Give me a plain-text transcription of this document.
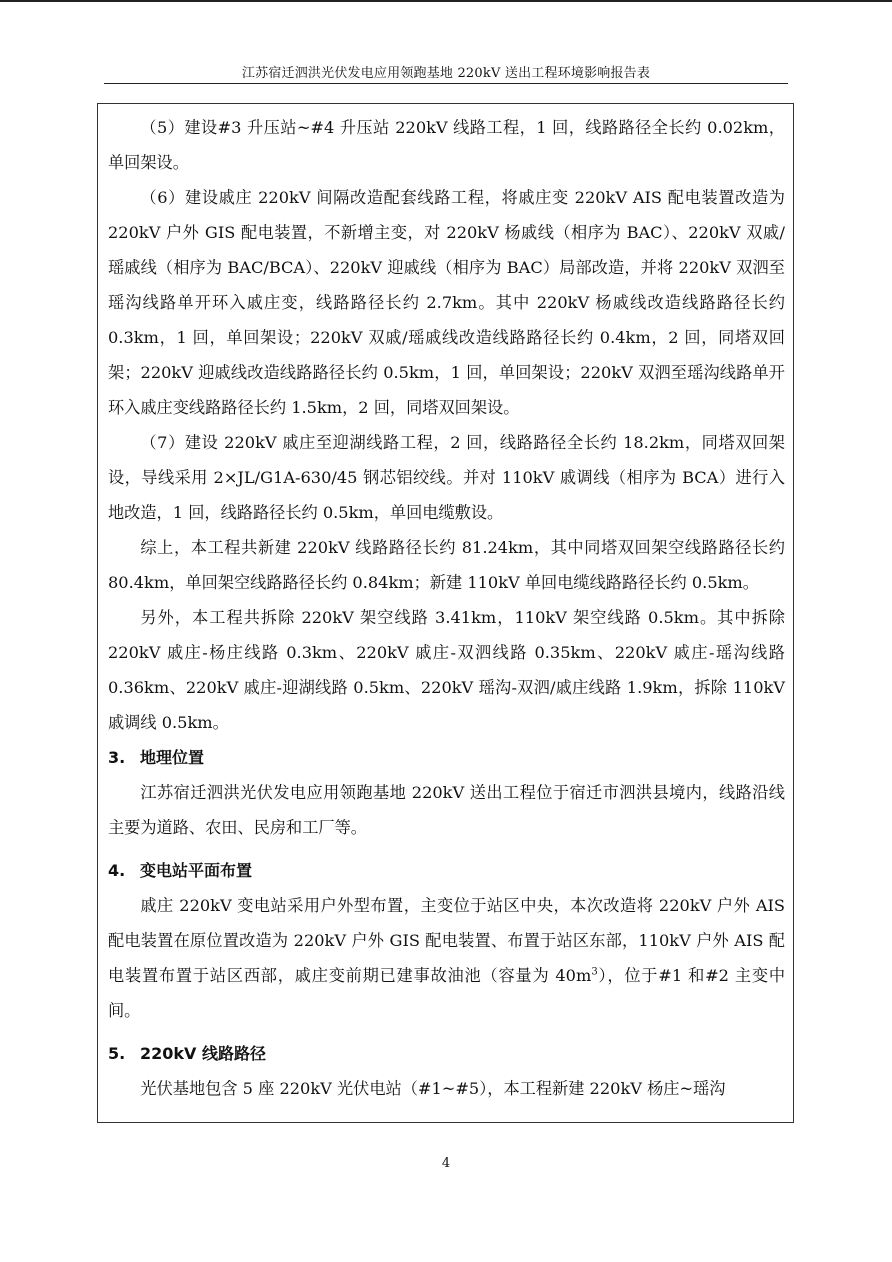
江苏宿迁泗洪光伏发电应用领跑基地 220kV 送出工程环境影响报告表

（5）建设#3 升压站~#4 升压站 220kV 线路工程，1 回，线路路径全长约 0.02km，单回架设。

（6）建设戚庄 220kV 间隔改造配套线路工程，将戚庄变 220kV AIS 配电装置改造为 220kV 户外 GIS 配电装置，不新增主变，对 220kV 杨戚线（相序为 BAC）、220kV 双戚/瑶戚线（相序为 BAC/BCA）、220kV 迎戚线（相序为 BAC）局部改造，并将 220kV 双泗至瑶沟线路单开环入戚庄变，线路路径长约 2.7km。其中 220kV 杨戚线改造线路路径长约 0.3km，1 回，单回架设；220kV 双戚/瑶戚线改造线路路径长约 0.4km，2 回，同塔双回架；220kV 迎戚线改造线路路径长约 0.5km，1 回，单回架设；220kV 双泗至瑶沟线路单开环入戚庄变线路路径长约 1.5km，2 回，同塔双回架设。

（7）建设 220kV 戚庄至迎湖线路工程，2 回，线路路径全长约 18.2km，同塔双回架设，导线采用 2×JL/G1A-630/45 钢芯铝绞线。并对 110kV 戚调线（相序为 BCA）进行入地改造，1 回，线路路径长约 0.5km，单回电缆敷设。

综上，本工程共新建 220kV 线路路径长约 81.24km，其中同塔双回架空线路路径长约 80.4km，单回架空线路路径长约 0.84km；新建 110kV 单回电缆线路路径长约 0.5km。

另外，本工程共拆除 220kV 架空线路 3.41km，110kV 架空线路 0.5km。其中拆除 220kV 戚庄-杨庄线路 0.3km、220kV 戚庄-双泗线路 0.35km、220kV 戚庄-瑶沟线路 0.36km、220kV 戚庄-迎湖线路 0.5km、220kV 瑶沟-双泗/戚庄线路 1.9km，拆除 110kV 戚调线 0.5km。

3. 地理位置

江苏宿迁泗洪光伏发电应用领跑基地 220kV 送出工程位于宿迁市泗洪县境内，线路沿线主要为道路、农田、民房和工厂等。

4. 变电站平面布置

戚庄 220kV 变电站采用户外型布置，主变位于站区中央，本次改造将 220kV 户外 AIS 配电装置在原位置改造为 220kV 户外 GIS 配电装置、布置于站区东部，110kV 户外 AIS 配电装置布置于站区西部，戚庄变前期已建事故油池（容量为 $40m^3$），位于#1 和#2 主变中间。

5. 220kV 线路路径

光伏基地包含 5 座 220kV 光伏电站（#1~#5），本工程新建 220kV 杨庄~瑶沟

4
